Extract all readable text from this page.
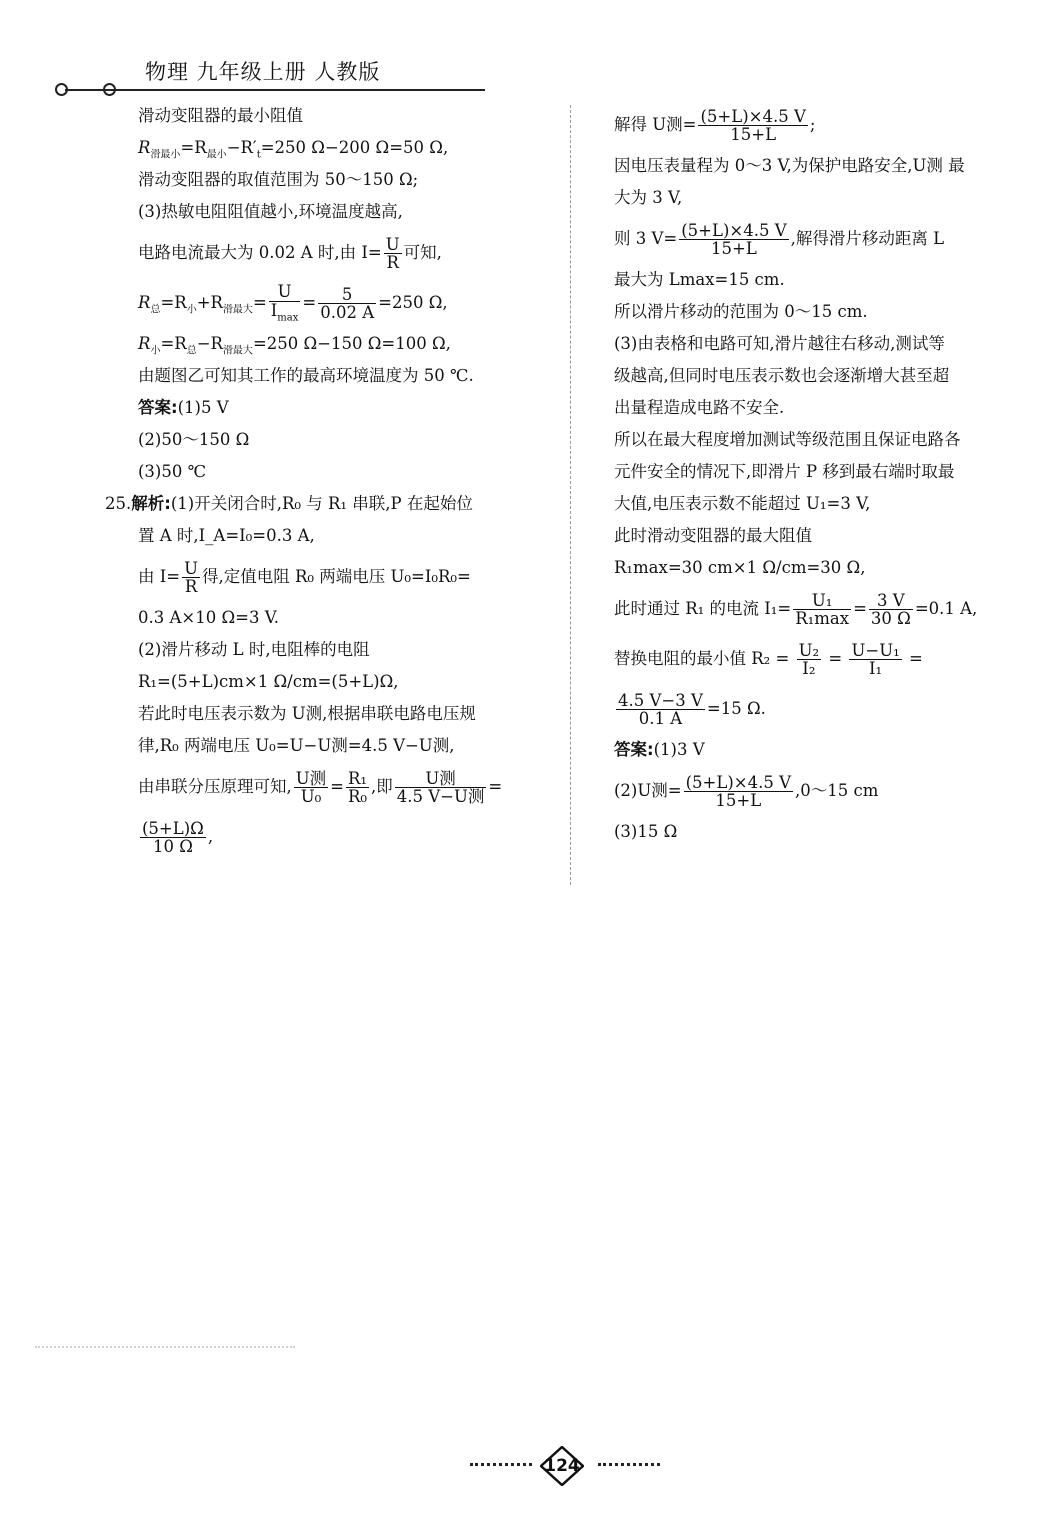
物理 九年级上册 人教版
滑动变阻器的最小阻值
$R_{滑最小}=R_{最小}-R'_t=250$ Ω−200 Ω=50 Ω,
滑动变阻器的取值范围为 50～150 Ω;
(3)热敏电阻阻值越小,环境温度越高,
电路电流最大为 0.02 A 时,由 $I= \frac{U}{R}$ 可知,
$R_总=R_小+R_{滑最大}= \frac{U}{I_{max}} = \frac{5}{0.02 A} =250$ Ω,
$R_小=R_总-R_{滑最大}=250$ Ω−150 Ω=100 Ω,
由题图乙可知其工作的最高环境温度为 50 ℃.
答案:(1)5 V
(2)50～150 Ω
(3)50 ℃
25.解析:(1)开关闭合时,R₀ 与 R₁ 串联,P 在起始位
置 A 时,I_A=I₀=0.3 A,
由 $I= \frac{U}{R}$ 得,定值电阻 R₀ 两端电压 U₀=I₀R₀=
0.3 A×10 Ω=3 V.
(2)滑片移动 L 时,电阻棒的电阻
R₁=(5+L)cm×1 Ω/cm=(5+L)Ω,
若此时电压表示数为 U测,根据串联电路电压规
律,R₀ 两端电压 U₀=U−U测=4.5 V−U测,
由串联分压原理可知, $\frac{\text{U测}}{\text{U₀}} = \frac{\text{R₁}}{\text{R₀}}$ ,即 $\frac{\text{U测}}{\text{4.5 V−U测}}$ =
$\frac{(5+L)\Omega}{10 \Omega}$ ,
解得 U测= $\frac{(5+L)\times 4.5 V}{15+L}$ ;
因电压表量程为 0～3 V,为保护电路安全,U测 最
大为 3 V,
则 3 $V= \frac{(5+L)\times 4.5 V}{15+L}$ ,解得滑片移动距离 L
最大为 Lmax=15 cm.
所以滑片移动的范围为 0～15 cm.
(3)由表格和电路可知,滑片越往右移动,测试等
级越高,但同时电压表示数也会逐渐增大甚至超
出量程造成电路不安全.
所以在最大程度增加测试等级范围且保证电路各
元件安全的情况下,即滑片 P 移到最右端时取最
大值,电压表示数不能超过 U₁=3 V,
此时滑动变阻器的最大阻值
R₁max=30 cm×1 Ω/cm=30 Ω,
此时通过 R₁ 的电流 $I_1= \frac{\text{U₁}}{\text{R₁max}} = \frac{3 V}{30 \Omega} =0.1$ A,
替换电阻的最小值 $R_2 = \frac{\text{U₂}}{\text{I₂}} = \frac{\text{U−U₁}}{\text{I₁}}$ =
$\frac{4.5 V-3 V}{0.1 A} =15$ Ω.
答案:(1)3 V
(2)U测= $\frac{(5+L)\times 4.5 V}{15+L}$ ,0～15 cm
(3)15 Ω
124
